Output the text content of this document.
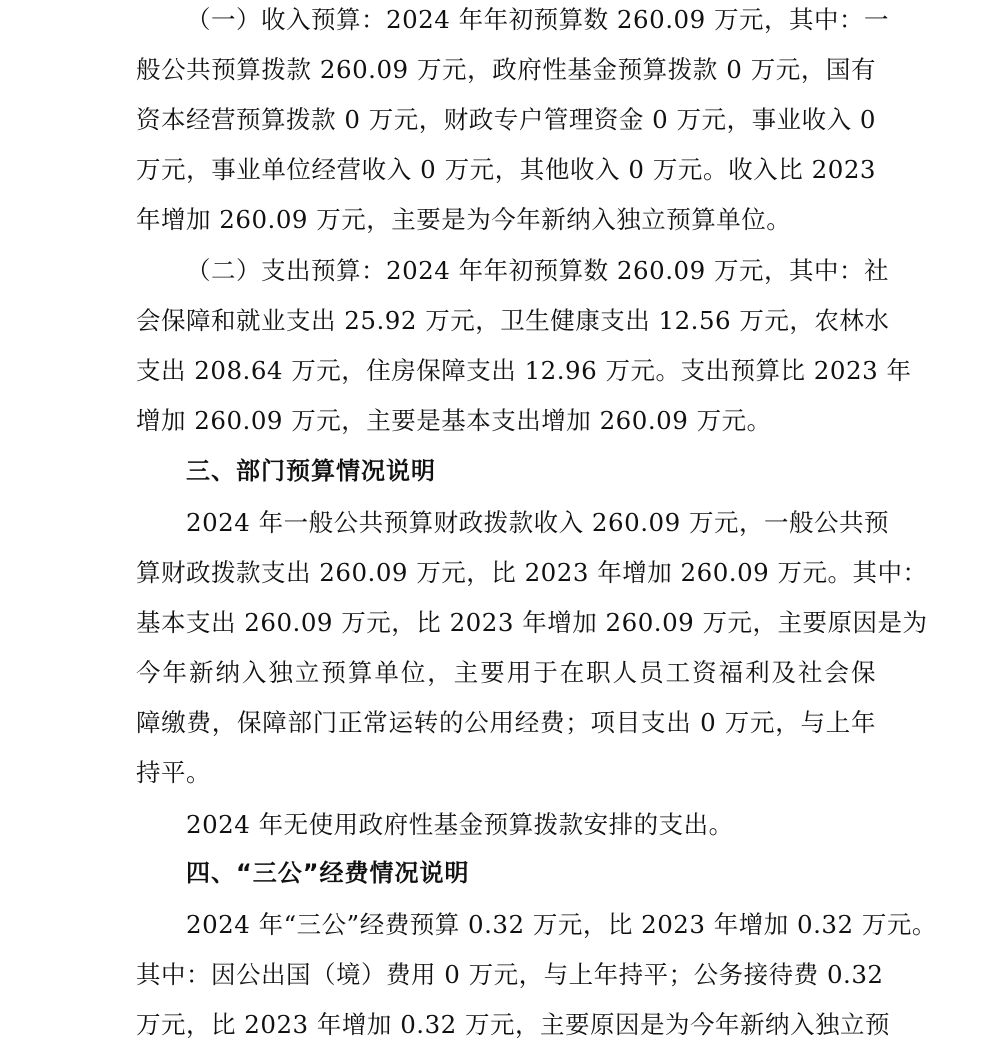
（一）收入预算：2024 年年初预算数 260.09 万元，其中：一
般公共预算拨款 260.09 万元，政府性基金预算拨款 0 万元，国有
资本经营预算拨款 0 万元，财政专户管理资金 0 万元，事业收入 0
万元，事业单位经营收入 0 万元，其他收入 0 万元。收入比 2023
年增加 260.09 万元，主要是为今年新纳入独立预算单位。
（二）支出预算：2024 年年初预算数 260.09 万元，其中：社
会保障和就业支出 25.92 万元，卫生健康支出 12.56 万元，农林水
支出 208.64 万元，住房保障支出 12.96 万元。支出预算比 2023 年
增加 260.09 万元，主要是基本支出增加 260.09 万元。
三、部门预算情况说明
2024 年一般公共预算财政拨款收入 260.09 万元，一般公共预
算财政拨款支出 260.09 万元，比 2023 年增加 260.09 万元。其中：
基本支出 260.09 万元，比 2023 年增加 260.09 万元，主要原因是为
今年新纳入独立预算单位，主要用于在职人员工资福利及社会保
障缴费，保障部门正常运转的公用经费；项目支出 0 万元，与上年
持平。
2024 年无使用政府性基金预算拨款安排的支出。
四、“三公”经费情况说明
2024 年“三公”经费预算 0.32 万元，比 2023 年增加 0.32 万元。
其中：因公出国（境）费用 0 万元，与上年持平；公务接待费 0.32
万元，比 2023 年增加 0.32 万元，主要原因是为今年新纳入独立预
